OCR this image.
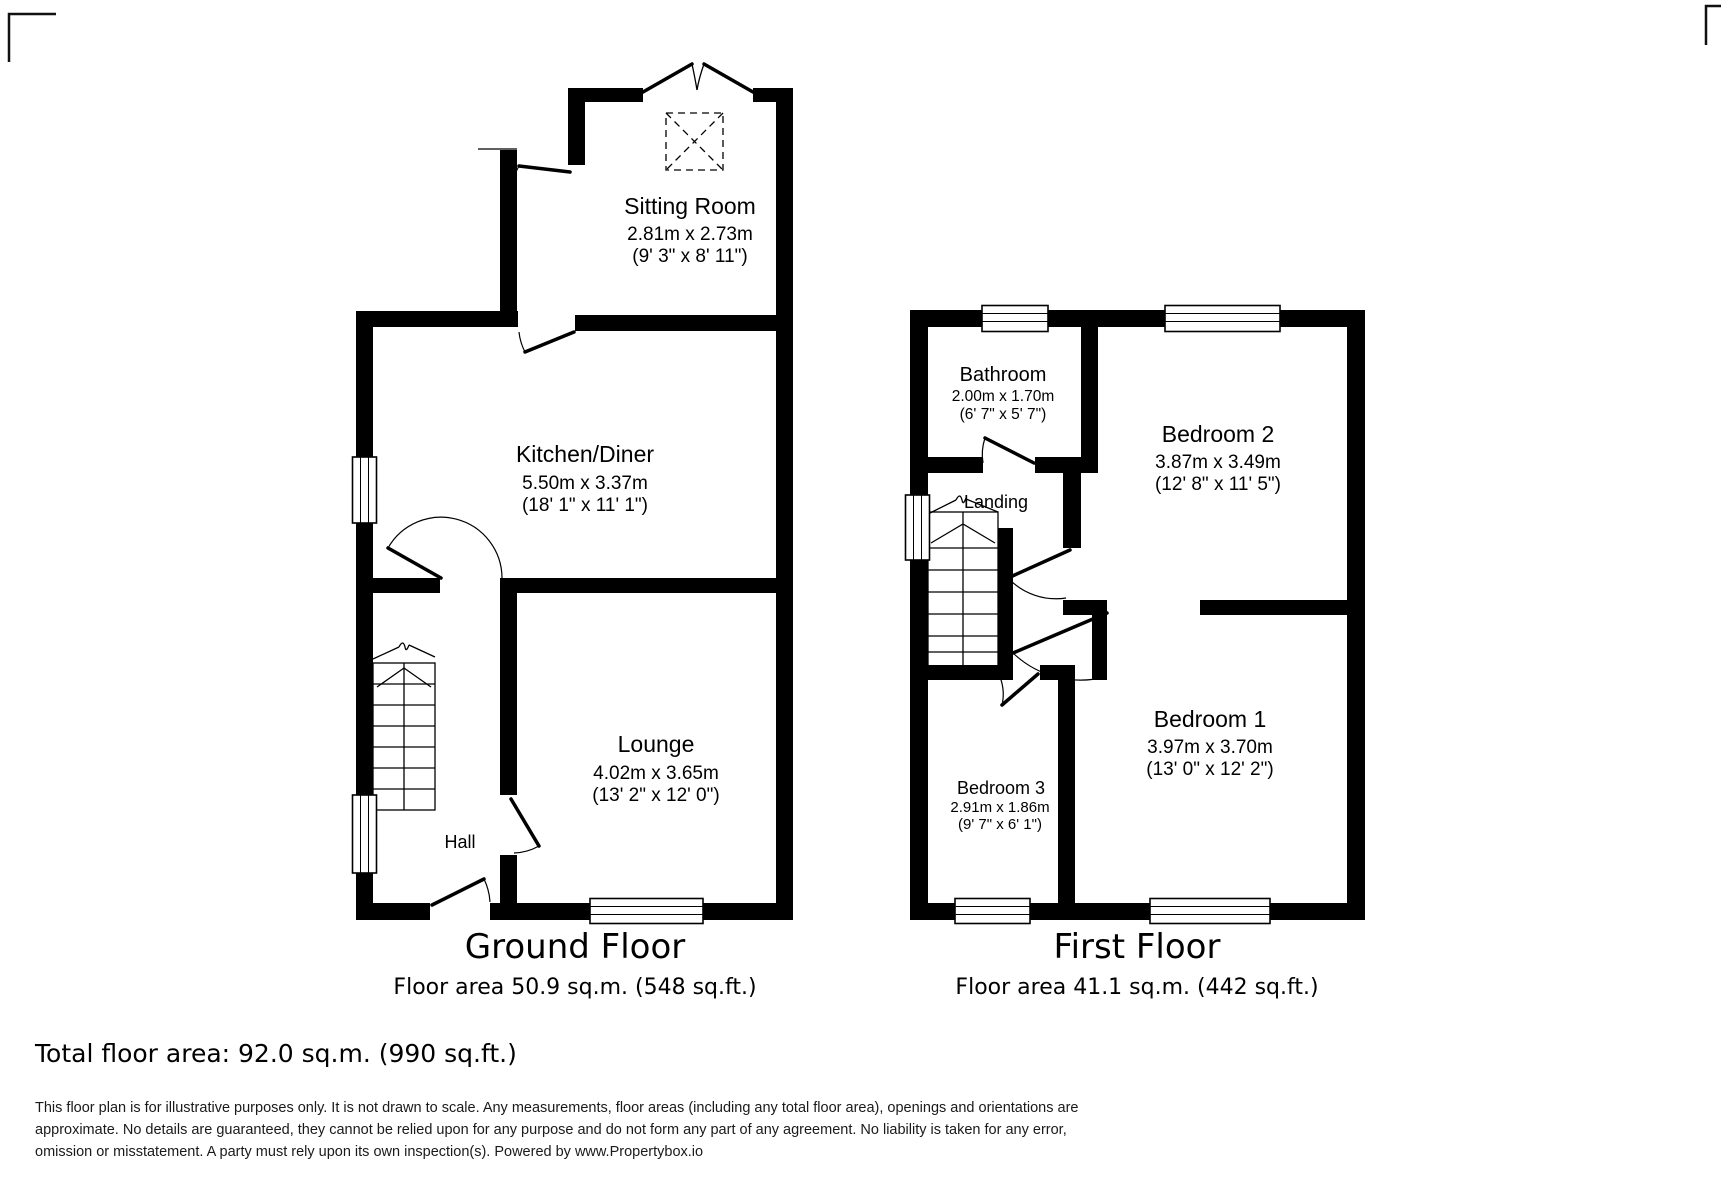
Sitting Room
2.81m x 2.73m
(9' 3" x 8' 11")
Kitchen/Diner
5.50m x 3.37m
(18' 1" x 11' 1")
Lounge
4.02m x 3.65m
(13' 2" x 12' 0")
Hall
Ground Floor
Floor area 50.9 sq.m. (548 sq.ft.)
Bathroom
2.00m x 1.70m
(6' 7" x 5' 7")
Landing
Bedroom 2
3.87m x 3.49m
(12' 8" x 11' 5")
Bedroom 1
3.97m x 3.70m
(13' 0" x 12' 2")
Bedroom 3
2.91m x 1.86m
(9' 7" x 6' 1")
First Floor
Floor area 41.1 sq.m. (442 sq.ft.)
Total floor area: 92.0 sq.m. (990 sq.ft.)
This floor plan is for illustrative purposes only. It is not drawn to scale. Any measurements, floor areas (including any total floor area), openings and orientations are
approximate. No details are guaranteed, they cannot be relied upon for any purpose and do not form any part of any agreement. No liability is taken for any error,
omission or misstatement. A party must rely upon its own inspection(s). Powered by www.Propertybox.io
